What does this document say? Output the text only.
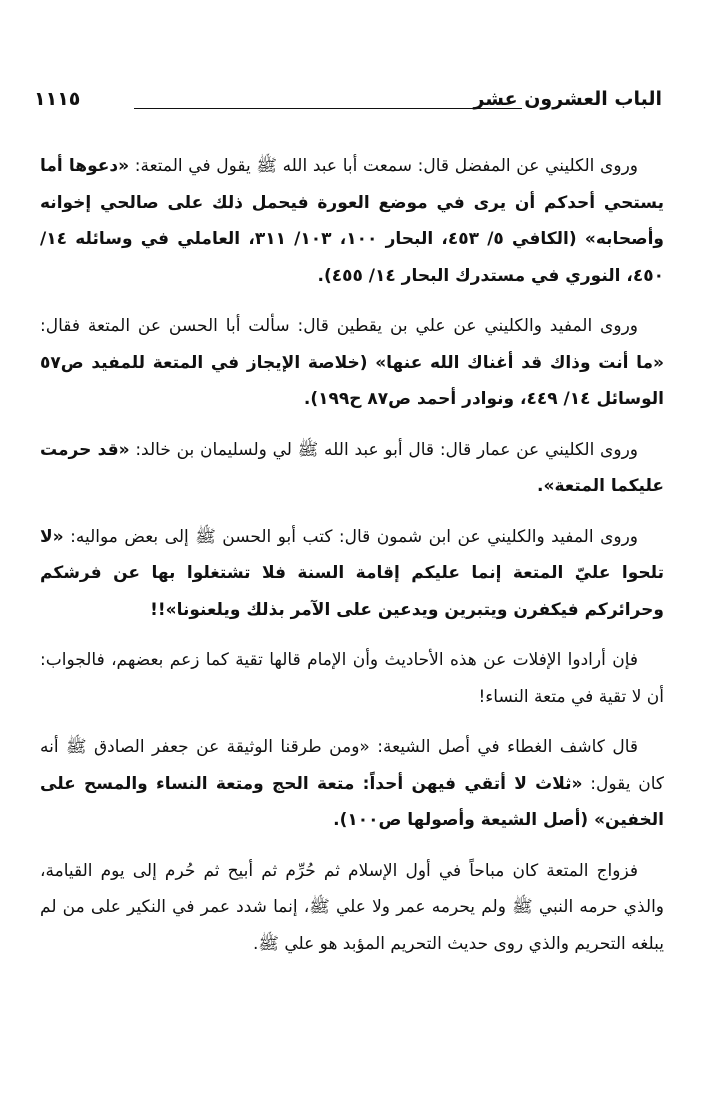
الباب العشرون عشر
١١١٥

وروى الكليني عن المفضل قال: سمعت أبا عبد الله ﷺ يقول في المتعة: «دعوها أما يستحي أحدكم أن يرى في موضع العورة فيحمل ذلك على صالحي إخوانه وأصحابه» (الكافي ٥/ ٤٥٣، البحار ١٠٠، ١٠٣/ ٣١١، العاملي في وسائله ١٤/ ٤٥٠، النوري في مستدرك البحار ١٤/ ٤٥٥).

وروى المفيد والكليني عن علي بن يقطين قال: سألت أبا الحسن عن المتعة فقال: «ما أنت وذاك قد أغناك الله عنها» (خلاصة الإيجاز في المتعة للمفيد ص٥٧ الوسائل ١٤/ ٤٤٩، ونوادر أحمد ص٨٧ ح١٩٩).

وروى الكليني عن عمار قال: قال أبو عبد الله ﷺ لي ولسليمان بن خالد: «قد حرمت عليكما المتعة».

وروى المفيد والكليني عن ابن شمون قال: كتب أبو الحسن ﷺ إلى بعض مواليه: «لا تلحوا عليّ المتعة إنما عليكم إقامة السنة فلا تشتغلوا بها عن فرشكم وحرائركم فيكفرن ويتبرين ويدعين على الآمر بذلك ويلعنونا»!!

فإن أرادوا الإفلات عن هذه الأحاديث وأن الإمام قالها تقية كما زعم بعضهم، فالجواب: أن لا تقية في متعة النساء!

قال كاشف الغطاء في أصل الشيعة: «ومن طرقنا الوثيقة عن جعفر الصادق ﷺ أنه كان يقول: «ثلاث لا أتقي فيهن أحداً: متعة الحج ومتعة النساء والمسح على الخفين» (أصل الشيعة وأصولها ص١٠٠).

فزواج المتعة كان مباحاً في أول الإسلام ثم حُرِّم ثم أبيح ثم حُرم إلى يوم القيامة، والذي حرمه النبي ﷺ ولم يحرمه عمر ولا علي ﷺ، إنما شدد عمر في النكير على من لم يبلغه التحريم والذي روى حديث التحريم المؤبد هو علي ﷺ.
